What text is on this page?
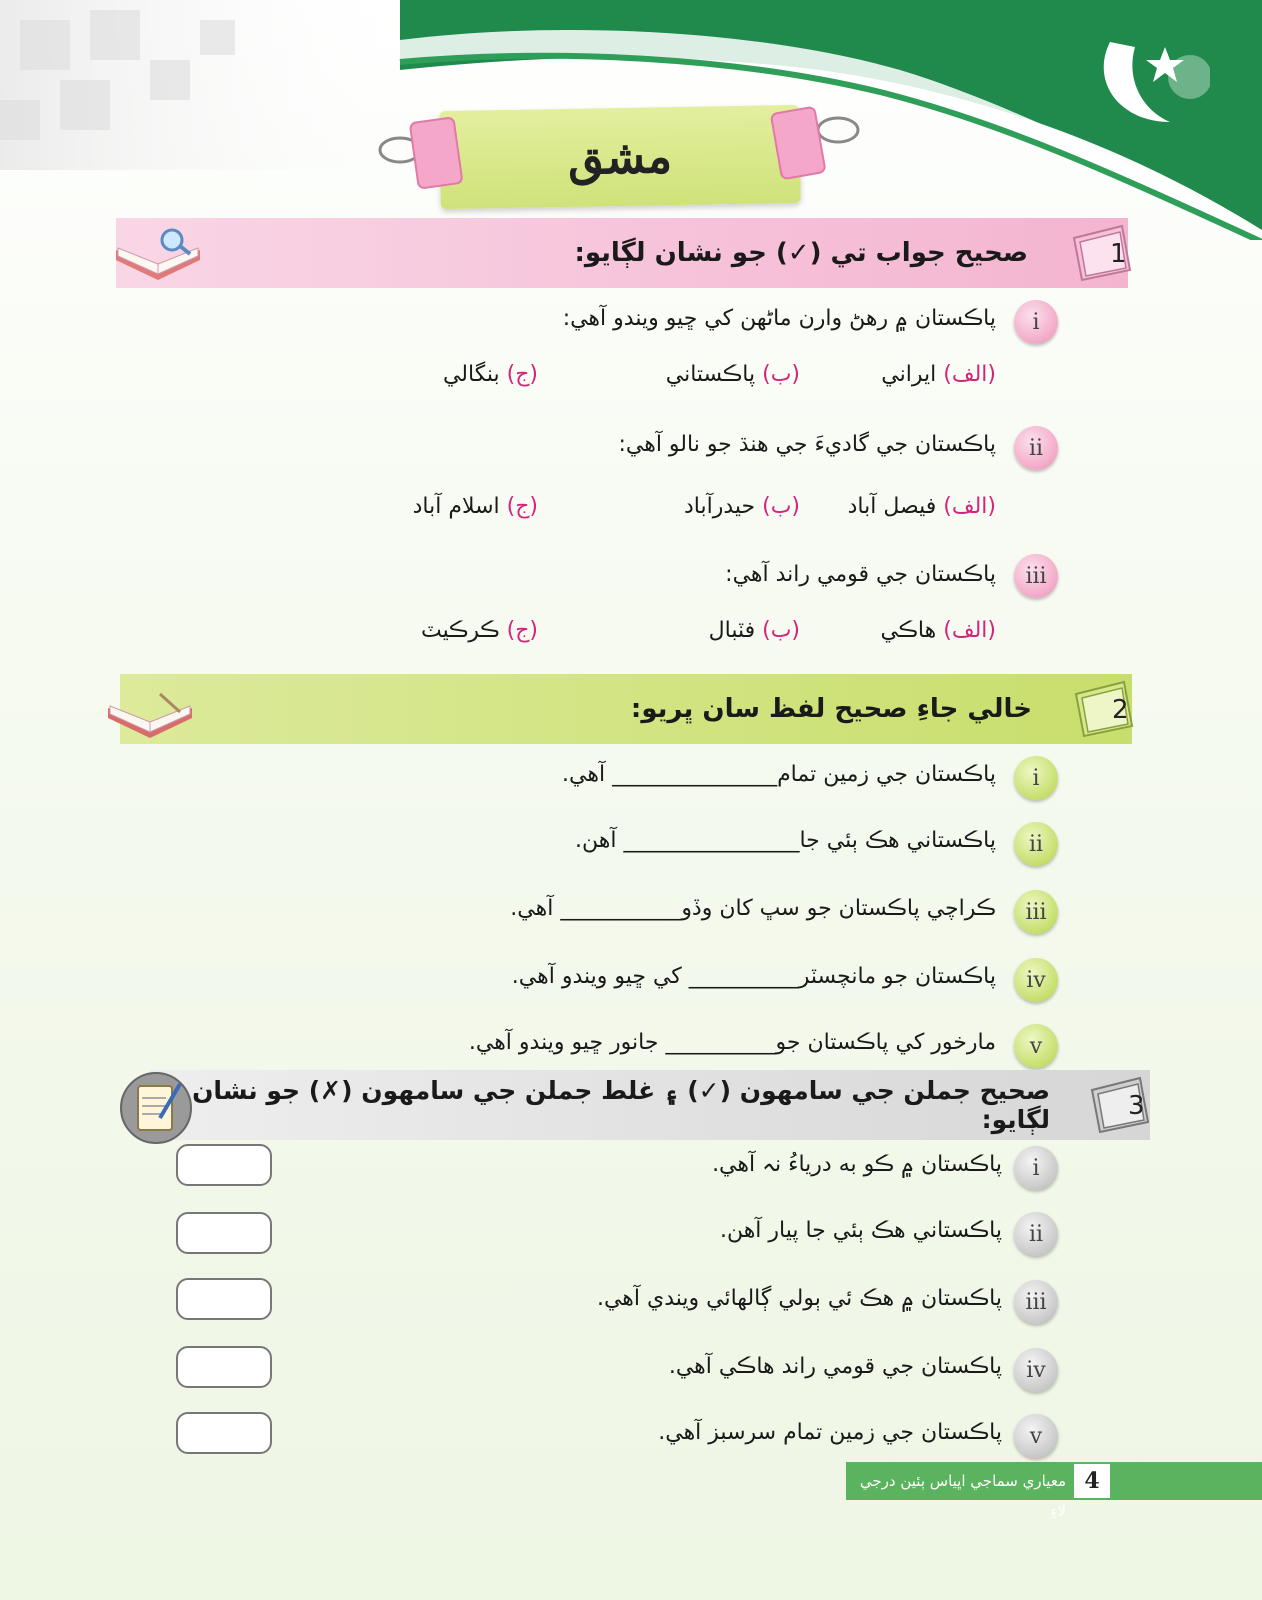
مشق
صحيح جواب تي (✓) جو نشان لڳايو:	1
i
پاڪستان ۾ رهڻ وارن ماڻهن کي ڇيو ويندو آهي:
(الف) ايراني
(ب) پاڪستاني
(ج) بنگالي
ii
پاڪستان جي گاديءَ جي هنڌ جو نالو آهي:
(الف) فيصل آباد
(ب) حيدرآباد
(ج) اسلام آباد
iii
پاڪستان جي قومي راند آهي:
(الف) هاڪي
(ب) فٽبال
(ج) ڪرڪيٽ
خالي جاءِ صحيح لفظ سان ڀريو:	2
i
پاڪستان جي زمين تمام_______________ آهي.
ii
پاڪستاني هڪ ٻئي جا________________ آهن.
iii
ڪراچي پاڪستان جو سڀ کان وڏو___________ آهي.
iv
پاڪستان جو مانچسٽر__________ کي ڇيو ويندو آهي.
v
مارخور کي پاڪستان جو__________ جانور ڇيو ويندو آهي.
صحيح جملن جي سامهون (✓) ۽ غلط جملن جي سامهون (✗) جو نشان لڳايو:	3
i
پاڪستان ۾ ڪو به درياءُ نہ آهي.
ii
پاڪستاني هڪ ٻئي جا پيار آهن.
iii
پاڪستان ۾ هڪ ئي ٻولي ڳالهائي ويندي آهي.
iv
پاڪستان جي قومي راند هاڪي آهي.
v
پاڪستان جي زمين تمام سرسبز آهي.
معياري سماجي اڀياس ٻئين درجي لاءِ
4
